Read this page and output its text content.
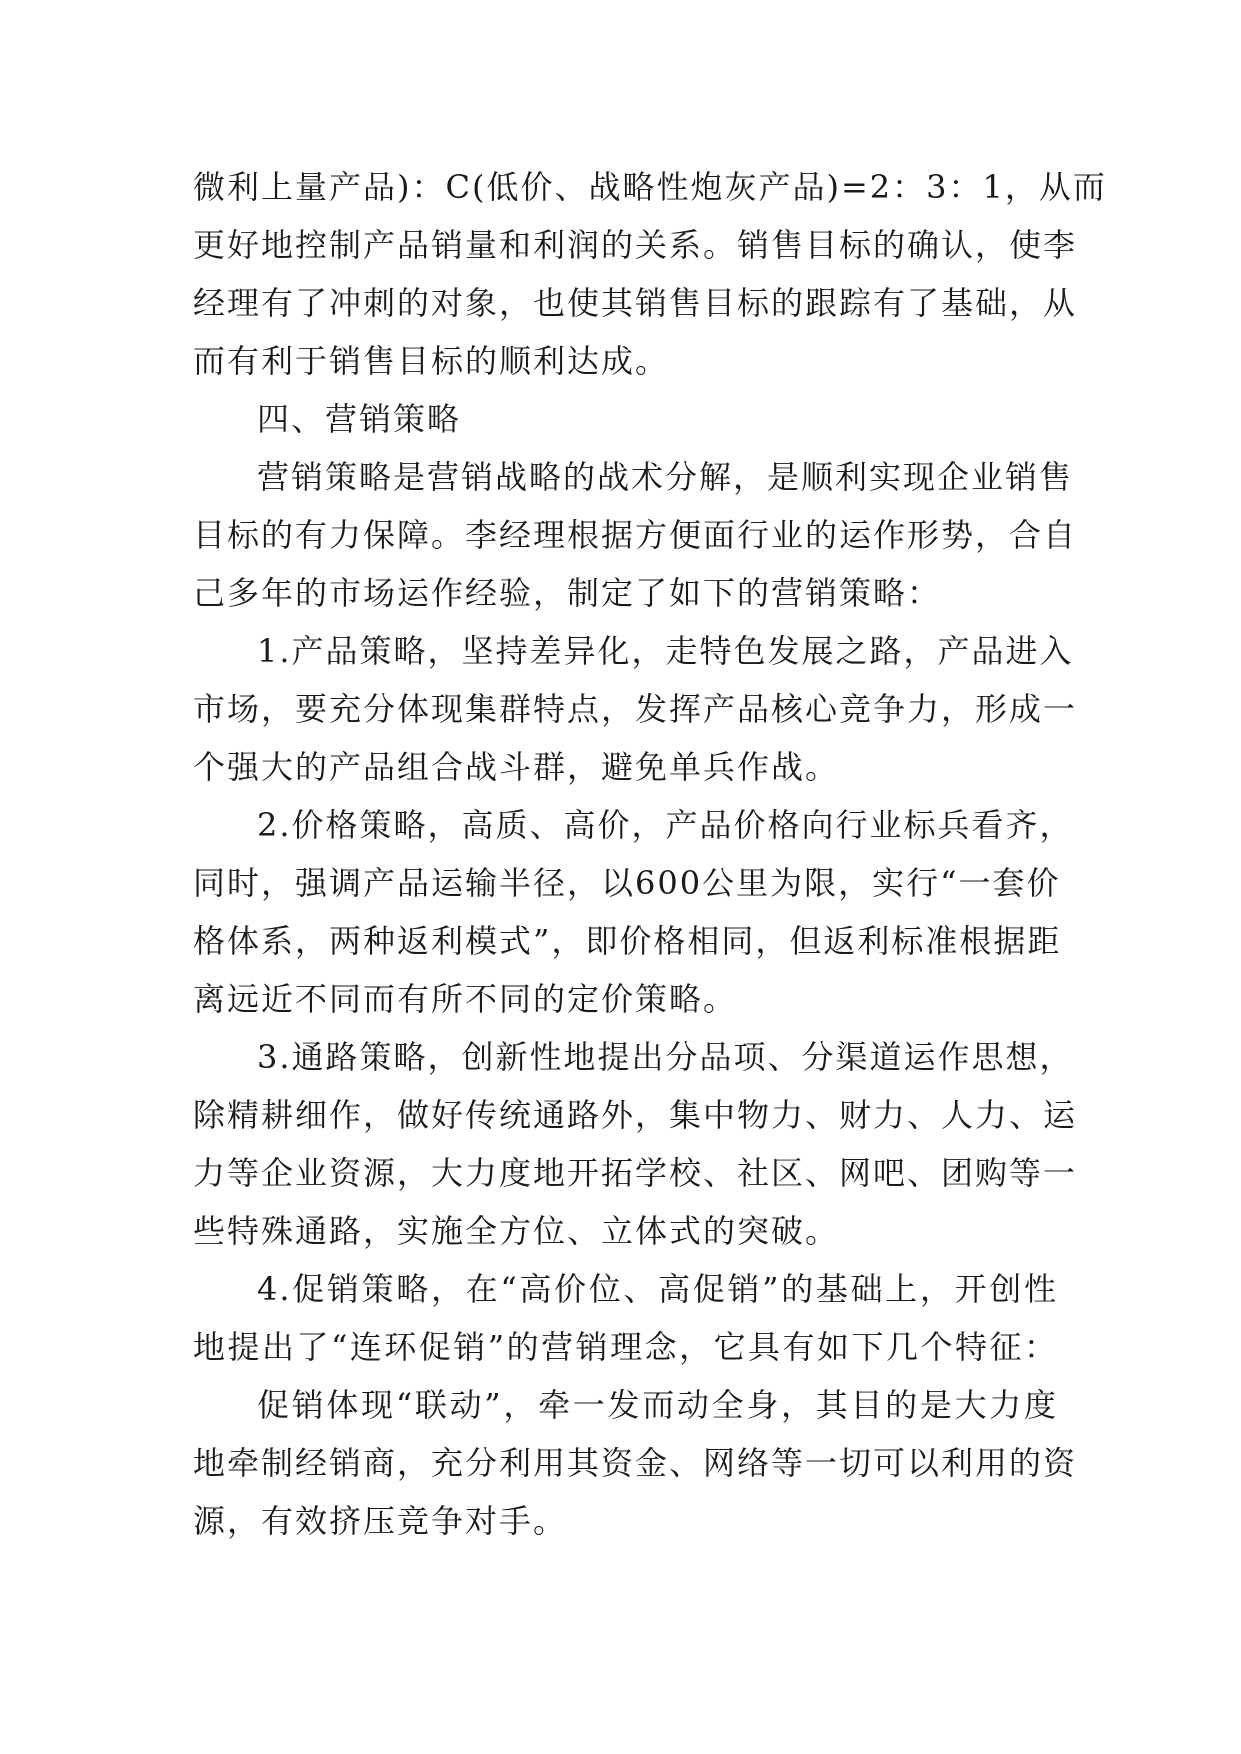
微利上量产品)：C(低价、战略性炮灰产品)=2：3：1，从而
更好地控制产品销量和利润的关系。销售目标的确认，使李
经理有了冲刺的对象，也使其销售目标的跟踪有了基础，从
而有利于销售目标的顺利达成。
四、营销策略
营销策略是营销战略的战术分解，是顺利实现企业销售
目标的有力保障。李经理根据方便面行业的运作形势，合自
己多年的市场运作经验，制定了如下的营销策略：
1.产品策略，坚持差异化，走特色发展之路，产品进入
市场，要充分体现集群特点，发挥产品核心竞争力，形成一
个强大的产品组合战斗群，避免单兵作战。
2.价格策略，高质、高价，产品价格向行业标兵看齐，
同时，强调产品运输半径，以600公里为限，实行“一套价
格体系，两种返利模式”，即价格相同，但返利标准根据距
离远近不同而有所不同的定价策略。
3.通路策略，创新性地提出分品项、分渠道运作思想，
除精耕细作，做好传统通路外，集中物力、财力、人力、运
力等企业资源，大力度地开拓学校、社区、网吧、团购等一
些特殊通路，实施全方位、立体式的突破。
4.促销策略，在“高价位、高促销”的基础上，开创性
地提出了“连环促销”的营销理念，它具有如下几个特征：
促销体现“联动”，牵一发而动全身，其目的是大力度
地牵制经销商，充分利用其资金、网络等一切可以利用的资
源，有效挤压竞争对手。
